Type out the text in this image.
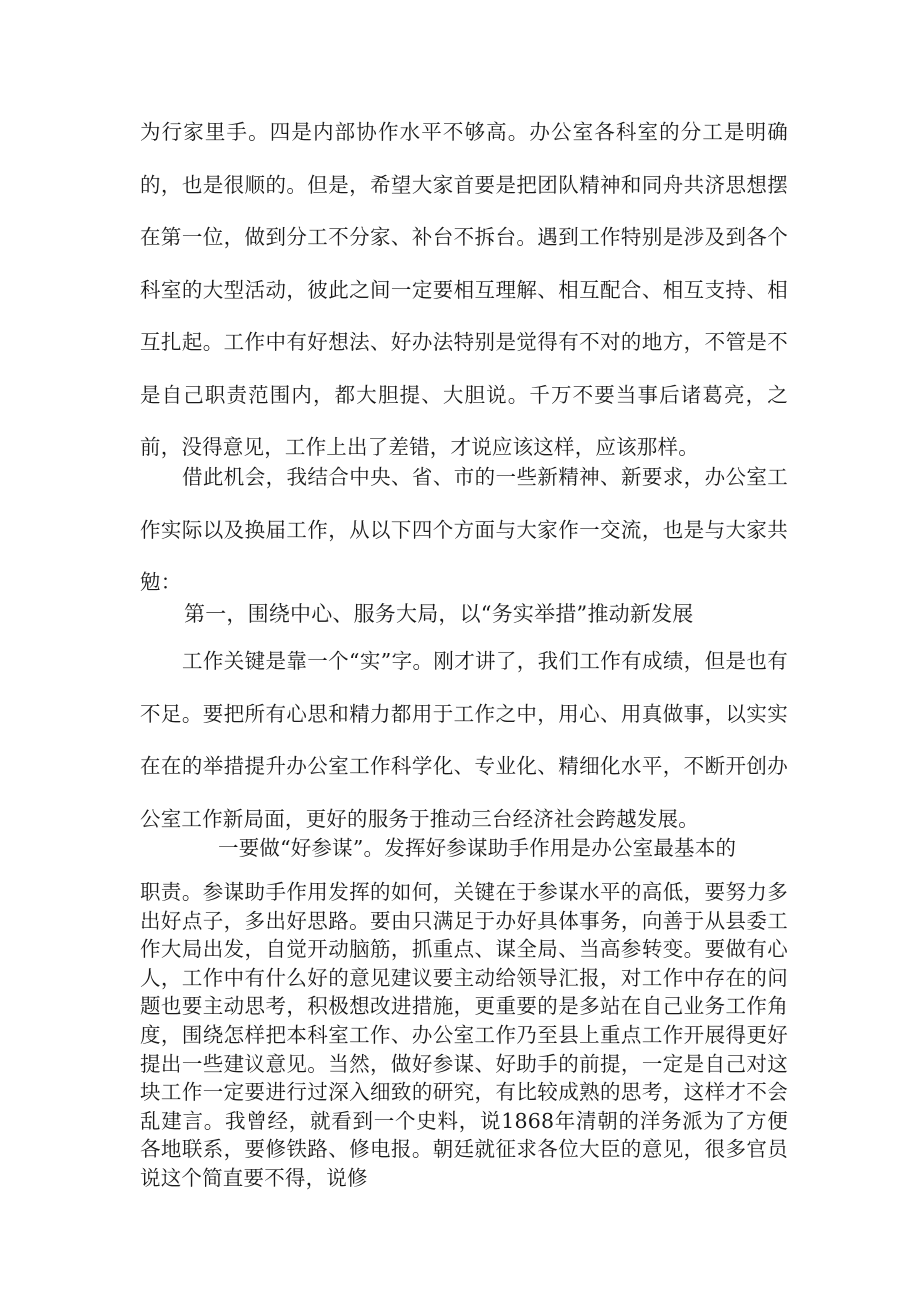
为行家里手。四是内部协作水平不够高。办公室各科室的分工是明确的，也是很顺的。但是，希望大家首要是把团队精神和同舟共济思想摆在第一位，做到分工不分家、补台不拆台。遇到工作特别是涉及到各个科室的大型活动，彼此之间一定要相互理解、相互配合、相互支持、相互扎起。工作中有好想法、好办法特别是觉得有不对的地方，不管是不是自己职责范围内，都大胆提、大胆说。千万不要当事后诸葛亮，之前，没得意见，工作上出了差错，才说应该这样，应该那样。

借此机会，我结合中央、省、市的一些新精神、新要求，办公室工作实际以及换届工作，从以下四个方面与大家作一交流，也是与大家共勉：

第一，围绕中心、服务大局，以“务实举措”推动新发展

工作关键是靠一个“实”字。刚才讲了，我们工作有成绩，但是也有不足。要把所有心思和精力都用于工作之中，用心、用真做事，以实实在在的举措提升办公室工作科学化、专业化、精细化水平，不断开创办公室工作新局面，更好的服务于推动三台经济社会跨越发展。

一要做“好参谋”。发挥好参谋助手作用是办公室最基本的

职责。参谋助手作用发挥的如何，关键在于参谋水平的高低，要努力多出好点子，多出好思路。要由只满足于办好具体事务，向善于从县委工作大局出发，自觉开动脑筋，抓重点、谋全局、当高参转变。要做有心人，工作中有什么好的意见建议要主动给领导汇报，对工作中存在的问题也要主动思考，积极想改进措施，更重要的是多站在自己业务工作角度，围绕怎样把本科室工作、办公室工作乃至县上重点工作开展得更好提出一些建议意见。当然，做好参谋、好助手的前提，一定是自己对这块工作一定要进行过深入细致的研究，有比较成熟的思考，这样才不会乱建言。我曾经，就看到一个史料，说1868年清朝的洋务派为了方便各地联系，要修铁路、修电报。朝廷就征求各位大臣的意见，很多官员说这个简直要不得，说修
